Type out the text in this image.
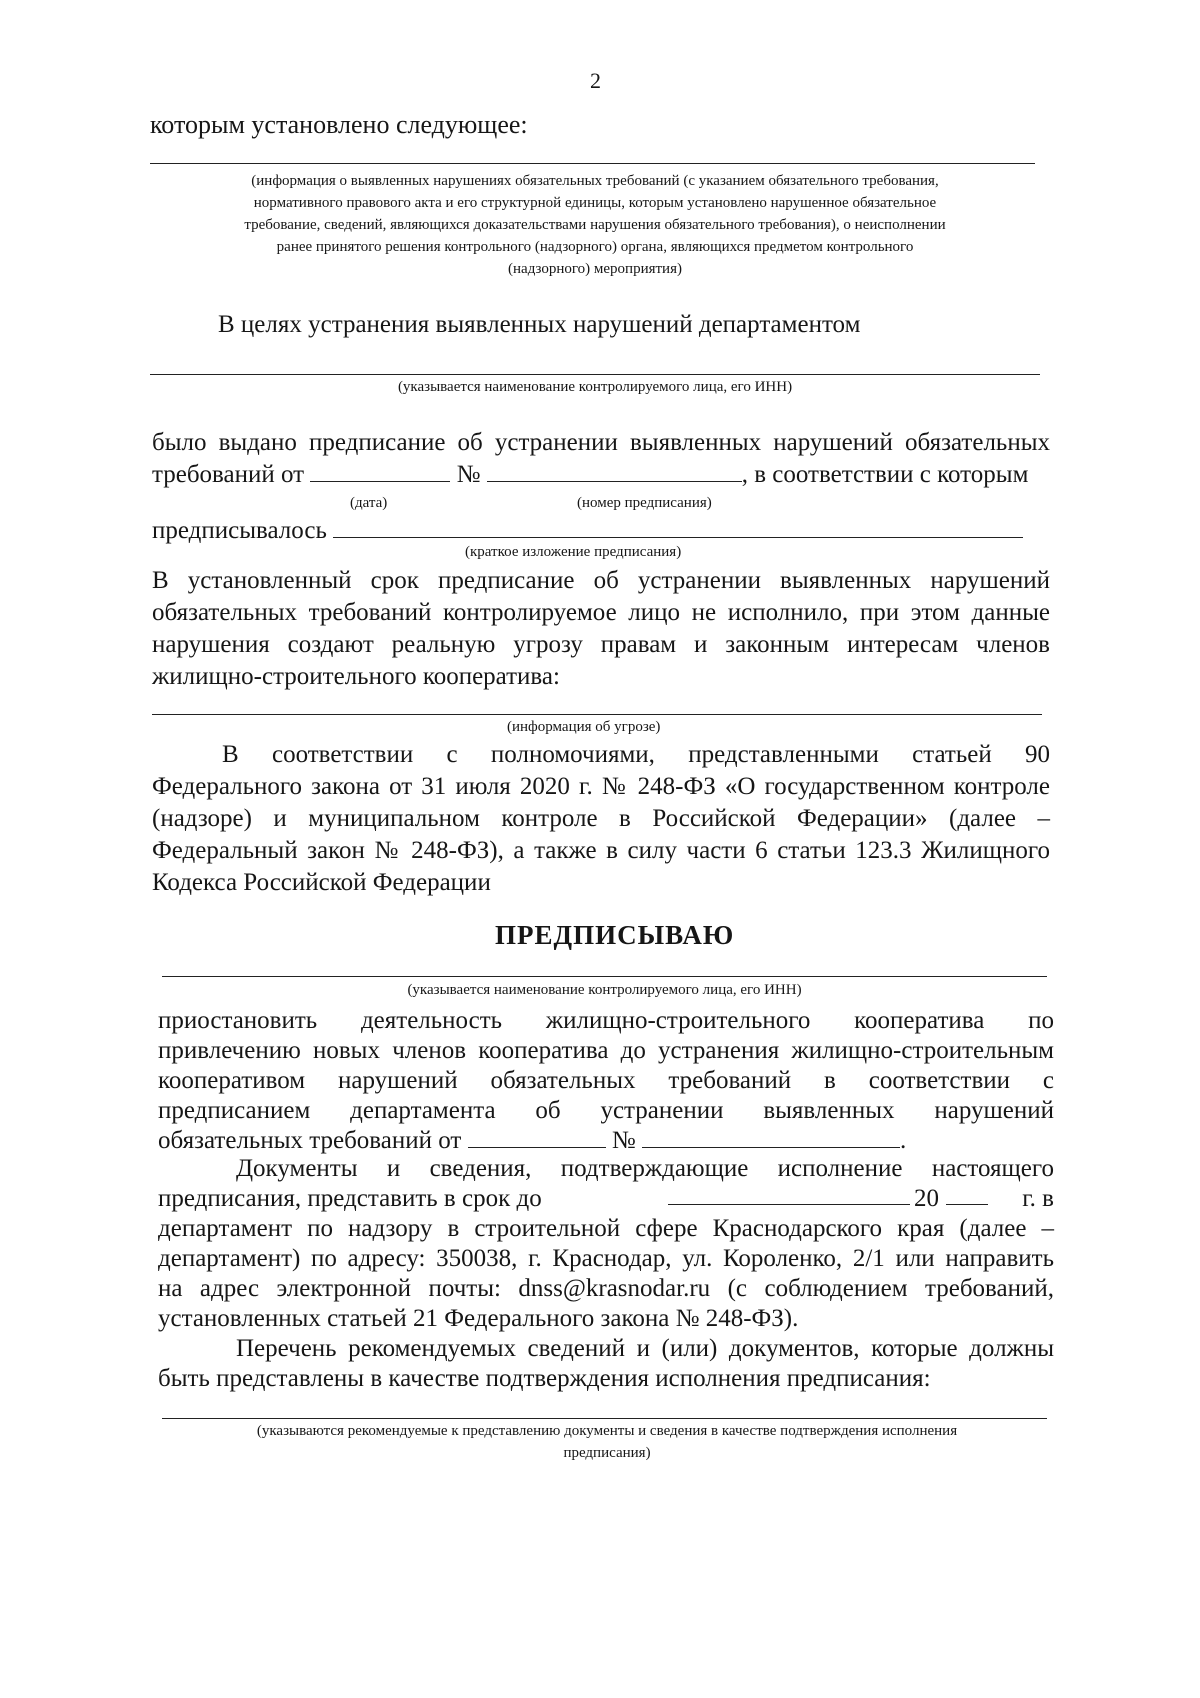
2
которым установлено следующее:
(информация о выявленных нарушениях обязательных требований (с указанием обязательного требования,
нормативного правового акта и его структурной единицы, которым установлено нарушенное обязательное
требование, сведений, являющихся доказательствами нарушения обязательного требования), о неисполнении
ранее принятого решения контрольного (надзорного) органа, являющихся предметом контрольного
(надзорного) мероприятия)
В целях устранения выявленных нарушений департаментом
(указывается наименование контролируемого лица, его ИНН)
было выдано предписание об устранении выявленных нарушений обязательных
требований от	№	, в соответствии с которым
(дата)	(номер предписания)
предписывалось
(краткое изложение предписания)
В установленный срок предписание об устранении выявленных нарушений
обязательных требований контролируемое лицо не исполнило, при этом данные
нарушения создают реальную угрозу правам и законным интересам членов
жилищно-строительного кооператива:
(информация об угрозе)
В соответствии с полномочиями, представленными статьей 90
Федерального закона от 31 июля 2020 г. № 248-ФЗ «О государственном контроле
(надзоре) и муниципальном контроле в Российской Федерации» (далее –
Федеральный закон № 248-ФЗ), а также в силу части 6 статьи 123.3 Жилищного
Кодекса Российской Федерации
ПРЕДПИСЫВАЮ
(указывается наименование контролируемого лица, его ИНН)
приостановить деятельность жилищно-строительного кооператива по
привлечению новых членов кооператива до устранения жилищно-строительным
кооперативом нарушений обязательных требований в соответствии с
предписанием департамента об устранении выявленных нарушений
обязательных требований от	№	.
Документы и сведения, подтверждающие исполнение настоящего
предписания, представить в срок до	20	г. в
департамент по надзору в строительной сфере Краснодарского края (далее –
департамент) по адресу: 350038, г. Краснодар, ул. Короленко, 2/1 или направить
на адрес электронной почты: dnss@krasnodar.ru (с соблюдением требований,
установленных статьей 21 Федерального закона № 248-ФЗ).
Перечень рекомендуемых сведений и (или) документов, которые должны
быть представлены в качестве подтверждения исполнения предписания:
(указываются рекомендуемые к представлению документы и сведения в качестве подтверждения исполнения
предписания)
